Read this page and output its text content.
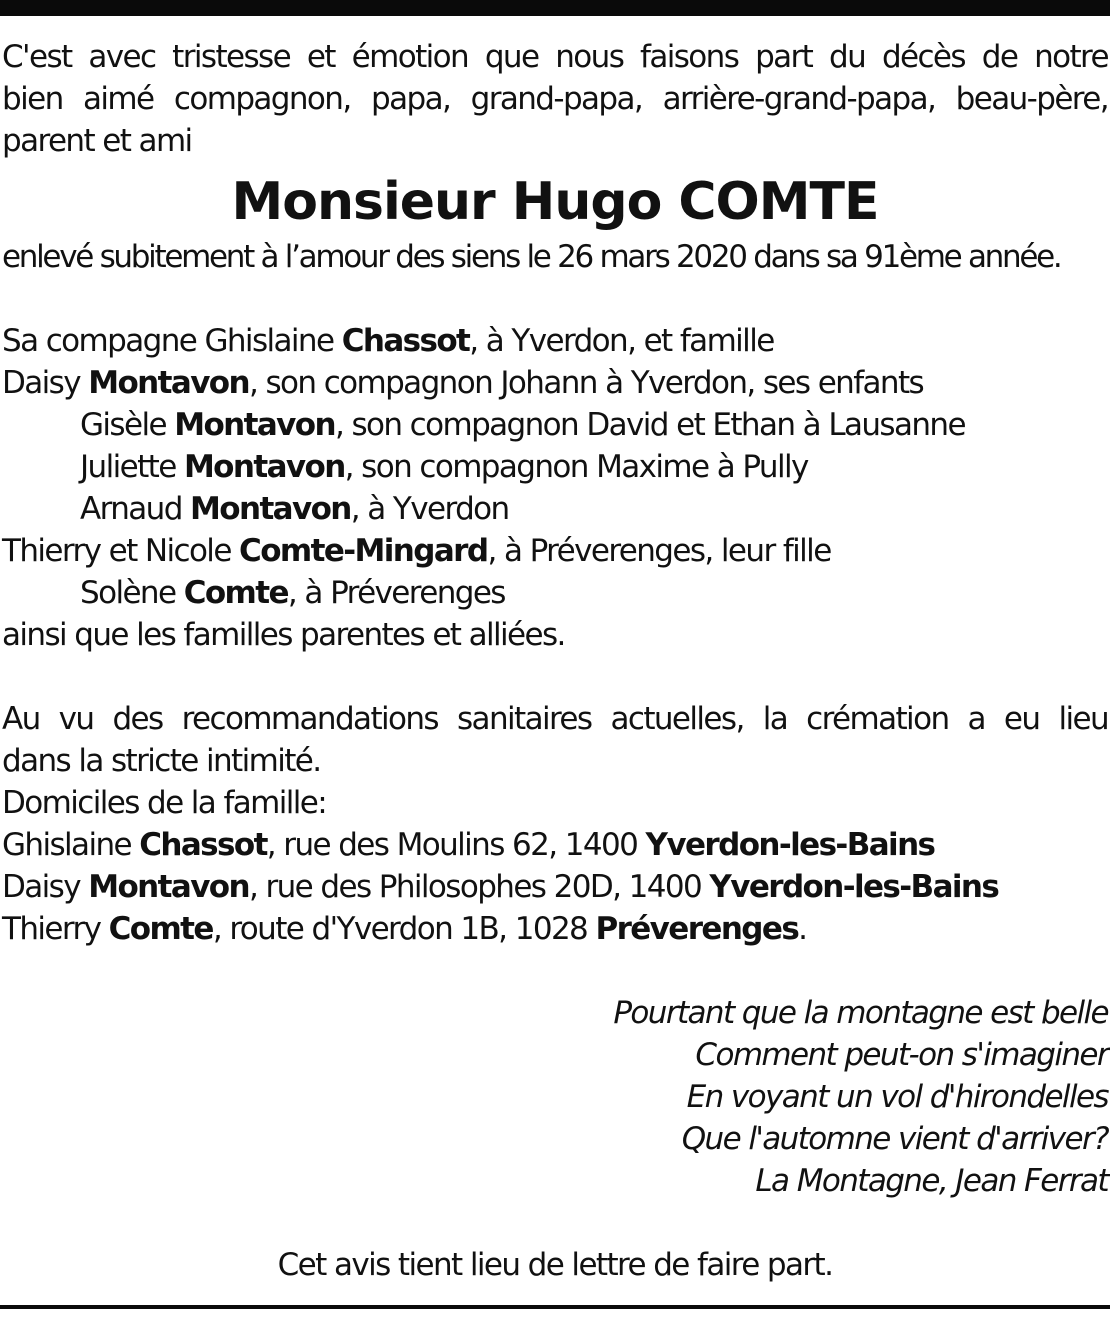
C'est avec tristesse et émotion que nous faisons part du décès de notre

bien aimé compagnon, papa, grand-papa, arrière-grand-papa, beau-père,

parent et ami

Monsieur Hugo COMTE

enlevé subitement à l’amour des siens le 26 mars 2020 dans sa 91ème année.

Sa compagne Ghislaine Chassot, à Yverdon, et famille
Daisy Montavon, son compagnon Johann à Yverdon, ses enfants
Gisèle Montavon, son compagnon David et Ethan à Lausanne
Juliette Montavon, son compagnon Maxime à Pully
Arnaud Montavon, à Yverdon
Thierry et Nicole Comte-Mingard, à Préverenges, leur fille
Solène Comte, à Préverenges
ainsi que les familles parentes et alliées.

Au vu des recommandations sanitaires actuelles, la crémation a eu lieu

dans la stricte intimité.

Domiciles de la famille:

Ghislaine Chassot, rue des Moulins 62, 1400 Yverdon-les-Bains
Daisy Montavon, rue des Philosophes 20D, 1400 Yverdon-les-Bains
Thierry Comte, route d'Yverdon 1B, 1028 Préverenges.
Pourtant que la montagne est belle
Comment peut-on s'imaginer
En voyant un vol d'hirondelles
Que l'automne vient d'arriver?
La Montagne, Jean Ferrat

Cet avis tient lieu de lettre de faire part.
